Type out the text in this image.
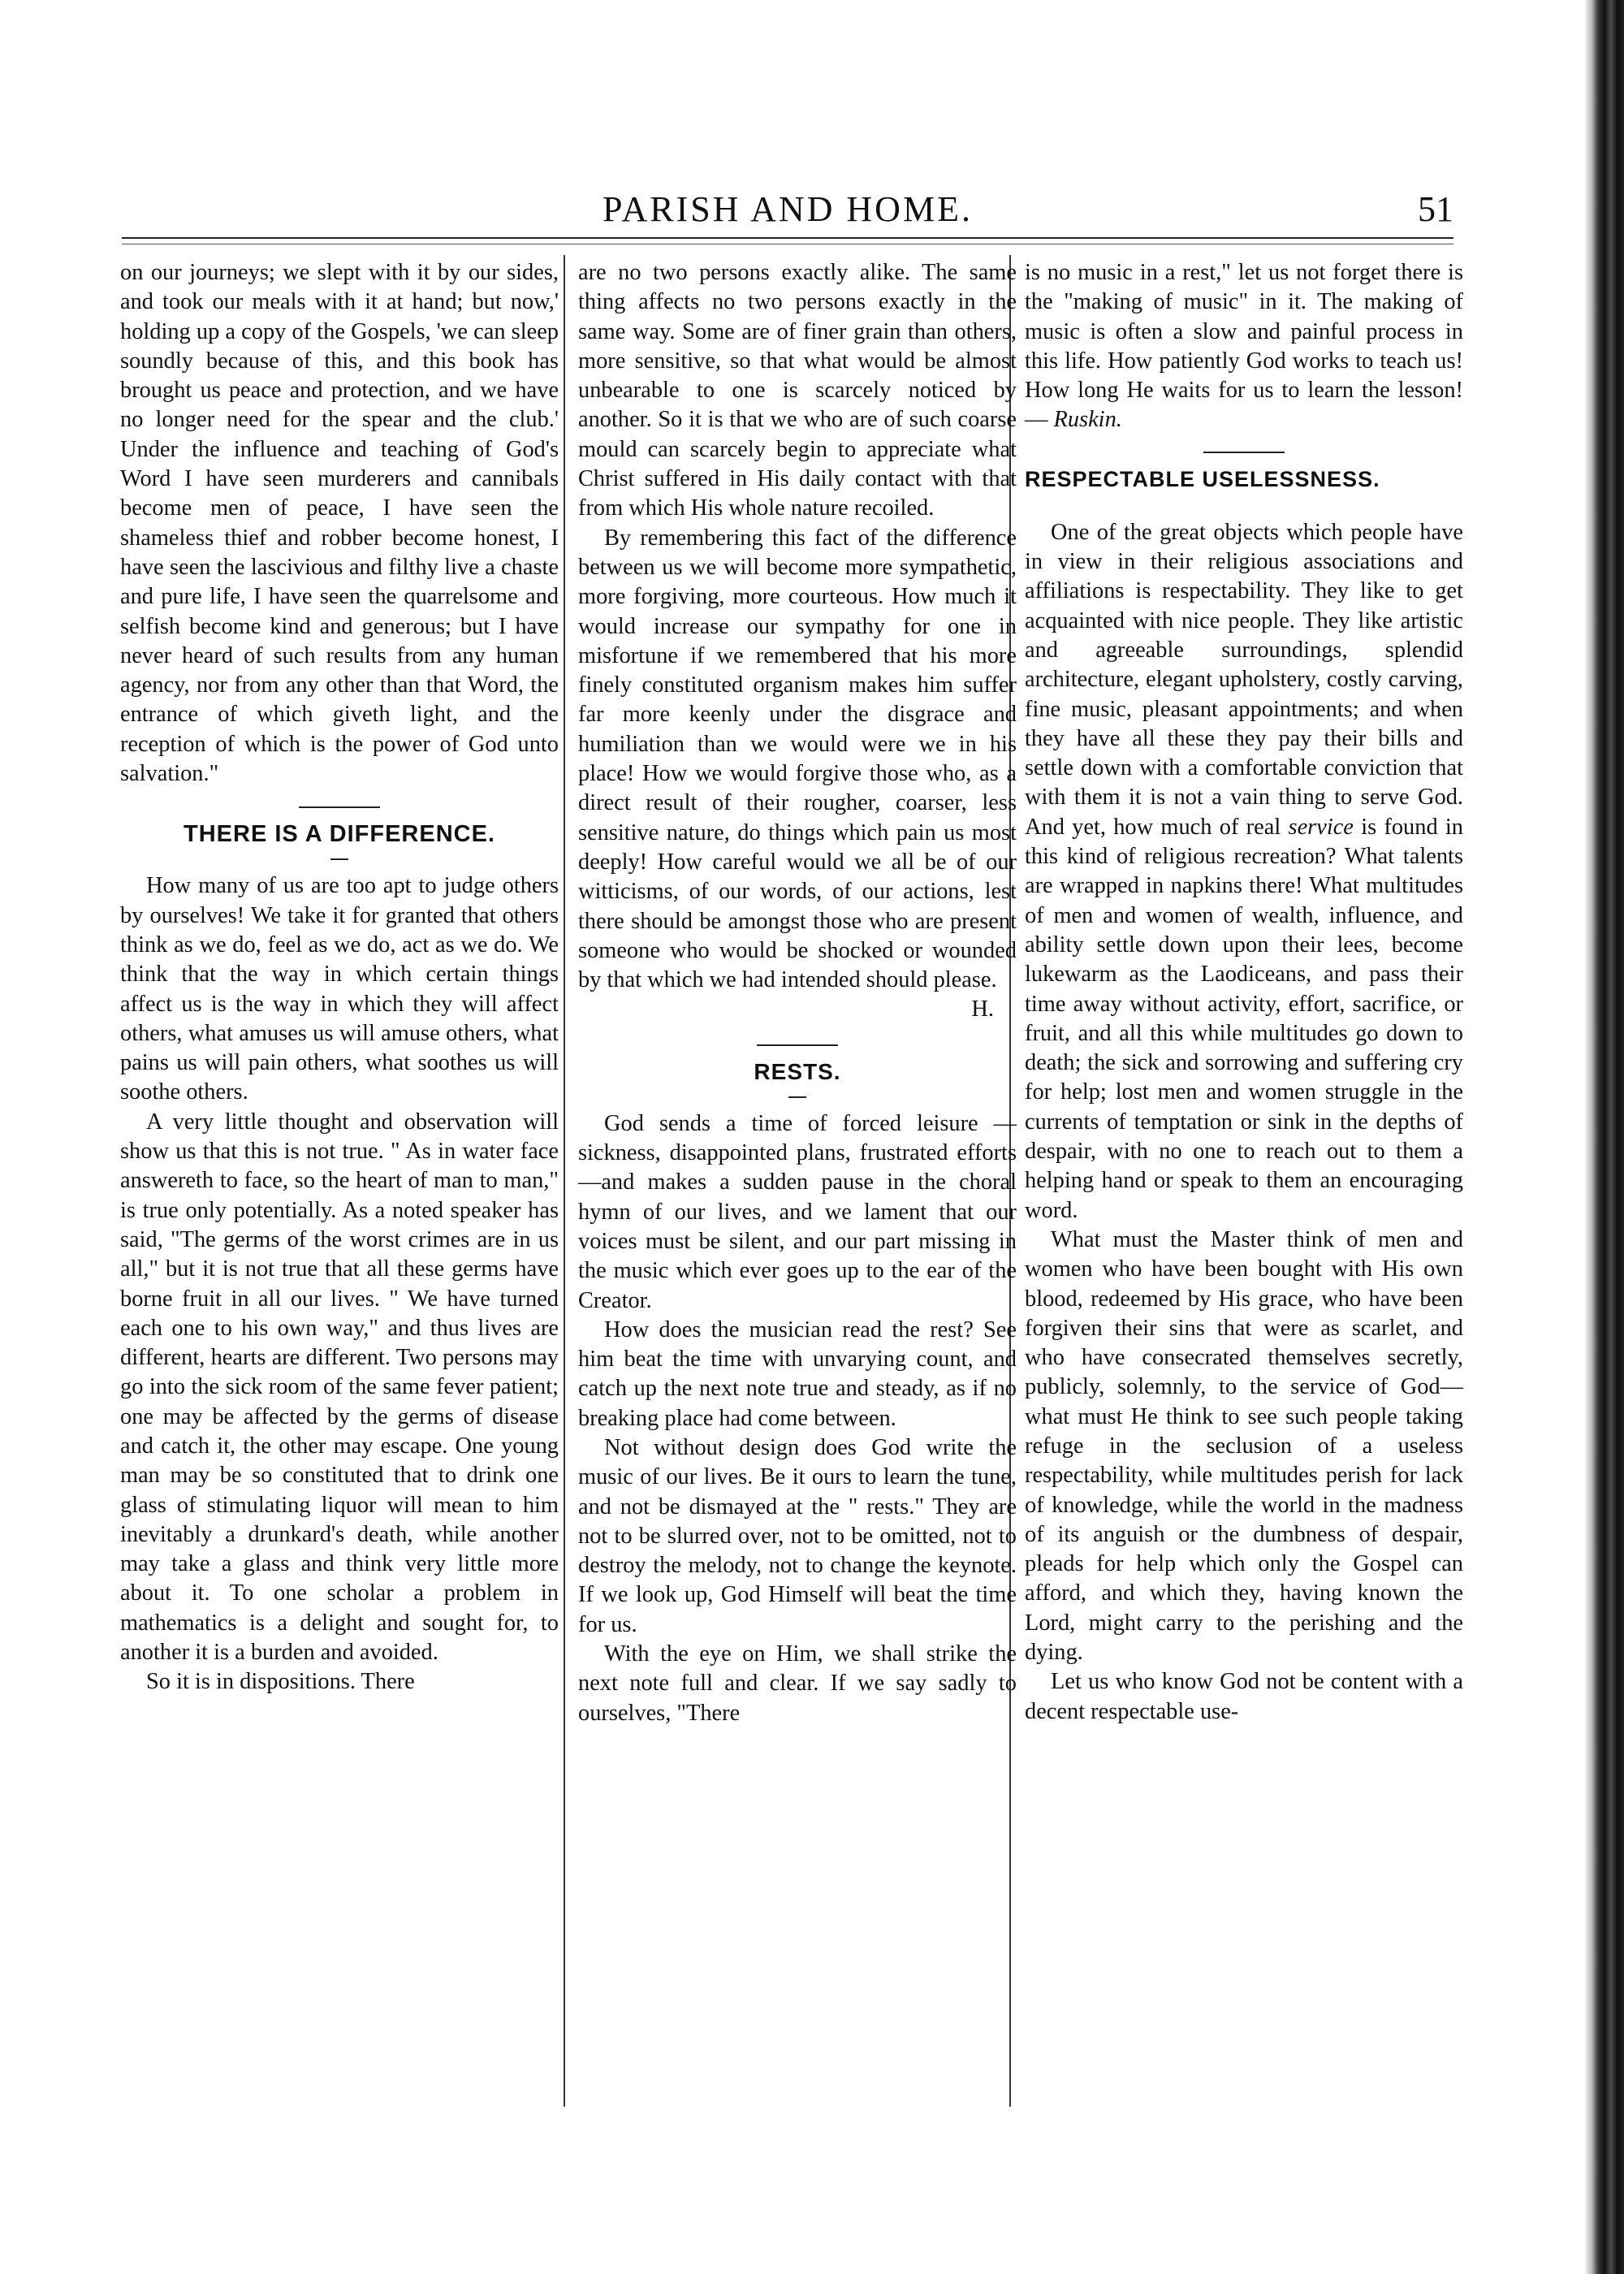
PARISH AND HOME.	51

on our journeys; we slept with it by our sides, and took our meals with it at hand; but now,' holding up a copy of the Gospels, 'we can sleep soundly because of this, and this book has brought us peace and protection, and we have no longer need for the spear and the club.' Under the influence and teaching of God's Word I have seen murderers and cannibals become men of peace, I have seen the shameless thief and robber become honest, I have seen the lascivious and filthy live a chaste and pure life, I have seen the quarrelsome and selfish become kind and generous; but I have never heard of such results from any human agency, nor from any other than that Word, the entrance of which giveth light, and the reception of which is the power of God unto salvation."

THERE IS A DIFFERENCE.

How many of us are too apt to judge others by ourselves! We take it for granted that others think as we do, feel as we do, act as we do. We think that the way in which certain things affect us is the way in which they will affect others, what amuses us will amuse others, what pains us will pain others, what soothes us will soothe others.

A very little thought and observation will show us that this is not true. " As in water face answereth to face, so the heart of man to man," is true only potentially. As a noted speaker has said, "The germs of the worst crimes are in us all," but it is not true that all these germs have borne fruit in all our lives. " We have turned each one to his own way," and thus lives are different, hearts are different. Two persons may go into the sick room of the same fever patient; one may be affected by the germs of disease and catch it, the other may escape. One young man may be so constituted that to drink one glass of stimulating liquor will mean to him inevitably a drunkard's death, while another may take a glass and think very little more about it. To one scholar a problem in mathematics is a delight and sought for, to another it is a burden and avoided.

So it is in dispositions. There

are no two persons exactly alike. The same thing affects no two persons exactly in the same way. Some are of finer grain than others, more sensitive, so that what would be almost unbearable to one is scarcely noticed by another. So it is that we who are of such coarse mould can scarcely begin to appreciate what Christ suffered in His daily contact with that from which His whole nature recoiled.

By remembering this fact of the difference between us we will become more sympathetic, more forgiving, more courteous. How much it would increase our sympathy for one in misfortune if we remembered that his more finely constituted organism makes him suffer far more keenly under the disgrace and humiliation than we would were we in his place! How we would forgive those who, as a direct result of their rougher, coarser, less sensitive nature, do things which pain us most deeply! How careful would we all be of our witticisms, of our words, of our actions, lest there should be amongst those who are present someone who would be shocked or wounded by that which we had intended should please.

H.
RESTS.

God sends a time of forced leisure —sickness, disappointed plans, frustrated efforts—and makes a sudden pause in the choral hymn of our lives, and we lament that our voices must be silent, and our part missing in the music which ever goes up to the ear of the Creator.

How does the musician read the rest? See him beat the time with unvarying count, and catch up the next note true and steady, as if no breaking place had come between.

Not without design does God write the music of our lives. Be it ours to learn the tune, and not be dismayed at the " rests." They are not to be slurred over, not to be omitted, not to destroy the melody, not to change the keynote. If we look up, God Himself will beat the time for us.

With the eye on Him, we shall strike the next note full and clear. If we say sadly to ourselves, "There

is no music in a rest," let us not forget there is the "making of music" in it. The making of music is often a slow and painful process in this life. How patiently God works to teach us! How long He waits for us to learn the lesson! — Ruskin.

RESPECTABLE USELESSNESS.

One of the great objects which people have in view in their religious associations and affiliations is respectability. They like to get acquainted with nice people. They like artistic and agreeable surroundings, splendid architecture, elegant upholstery, costly carving, fine music, pleasant appointments; and when they have all these they pay their bills and settle down with a comfortable conviction that with them it is not a vain thing to serve God. And yet, how much of real service is found in this kind of religious recreation? What talents are wrapped in napkins there! What multitudes of men and women of wealth, influence, and ability settle down upon their lees, become lukewarm as the Laodiceans, and pass their time away without activity, effort, sacrifice, or fruit, and all this while multitudes go down to death; the sick and sorrowing and suffering cry for help; lost men and women struggle in the currents of temptation or sink in the depths of despair, with no one to reach out to them a helping hand or speak to them an encouraging word.

What must the Master think of men and women who have been bought with His own blood, redeemed by His grace, who have been forgiven their sins that were as scarlet, and who have consecrated themselves secretly, publicly, solemnly, to the service of God—what must He think to see such people taking refuge in the seclusion of a useless respectability, while multitudes perish for lack of knowledge, while the world in the madness of its anguish or the dumbness of despair, pleads for help which only the Gospel can afford, and which they, having known the Lord, might carry to the perishing and the dying.

Let us who know God not be content with a decent respectable use-
